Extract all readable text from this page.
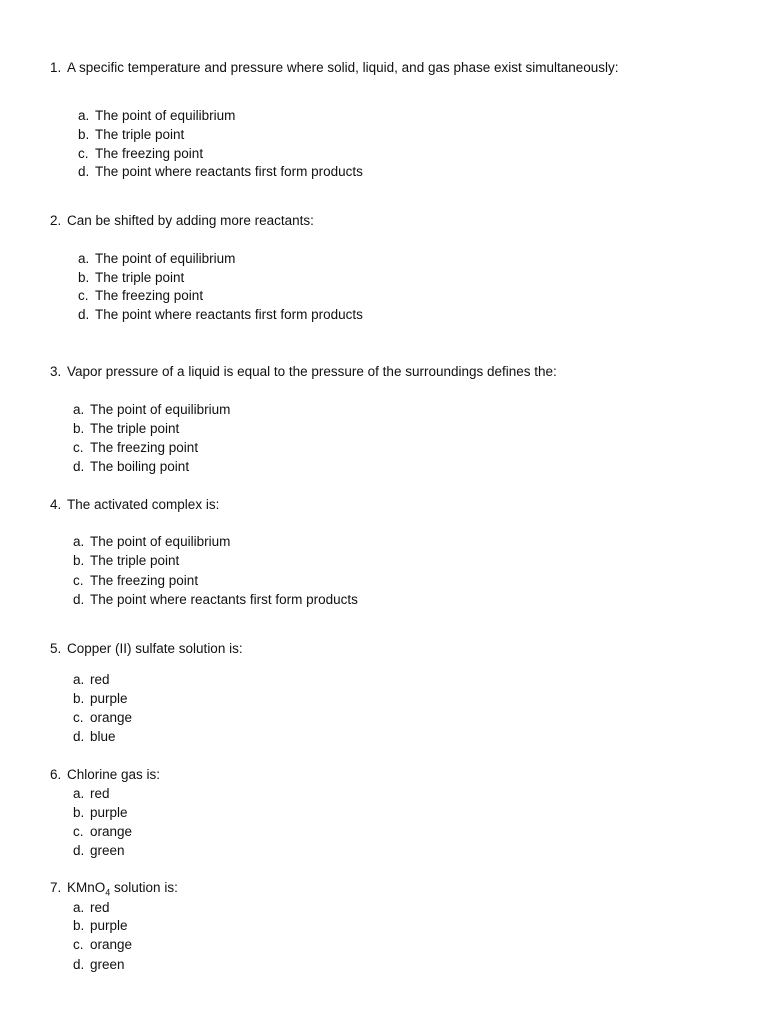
1. A specific temperature and pressure where solid, liquid, and gas phase exist simultaneously:
a. The point of equilibrium
b. The triple point
c. The freezing point
d. The point where reactants first form products
2. Can be shifted by adding more reactants:
a. The point of equilibrium
b. The triple point
c. The freezing point
d. The point where reactants first form products
3. Vapor pressure of a liquid is equal to the pressure of the surroundings defines the:
a. The point of equilibrium
b. The triple point
c. The freezing point
d. The boiling point
4. The activated complex is:
a. The point of equilibrium
b. The triple point
c. The freezing point
d. The point where reactants first form products
5. Copper (II) sulfate solution is:
a. red
b. purple
c. orange
d. blue
6. Chlorine gas is:
a. red
b. purple
c. orange
d. green
7. KMnO$_4$ solution is:
a. red
b. purple
c. orange
d. green
